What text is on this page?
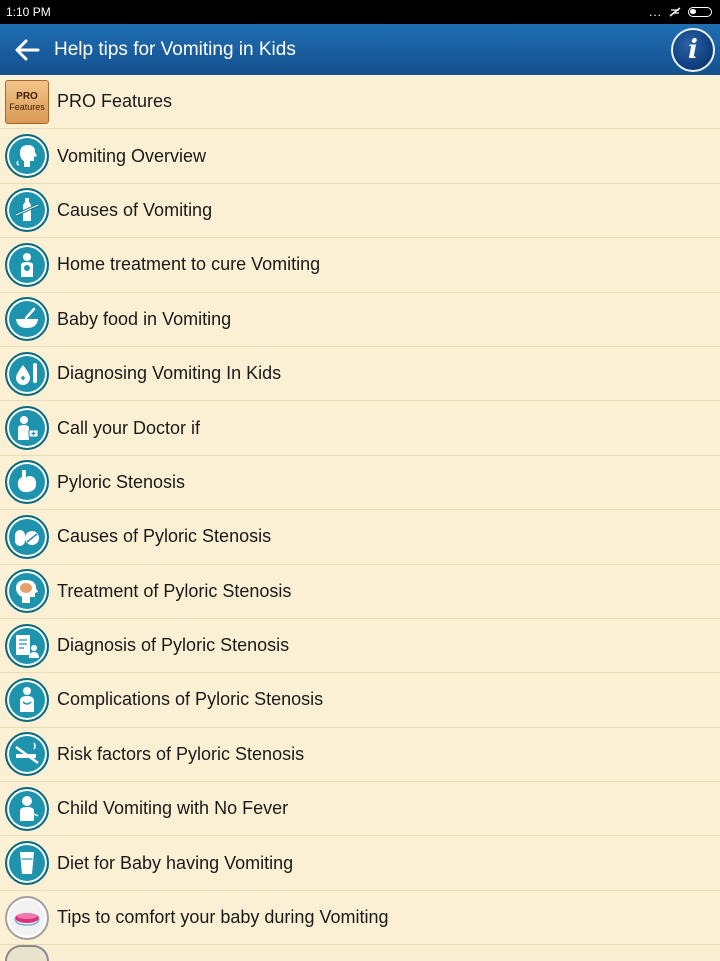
1:10 PM	...
Help tips for Vomiting in Kids	i
PRO
Features PRO Features
Vomiting Overview
Causes of Vomiting
Home treatment to cure Vomiting
Baby food in Vomiting
Diagnosing Vomiting In Kids
Call your Doctor if
Pyloric Stenosis
Causes of Pyloric Stenosis
Treatment of Pyloric Stenosis
Diagnosis of Pyloric Stenosis
Complications of Pyloric Stenosis
Risk factors of Pyloric Stenosis
Child Vomiting with No Fever
Diet for Baby having Vomiting
Tips to comfort your baby during Vomiting
